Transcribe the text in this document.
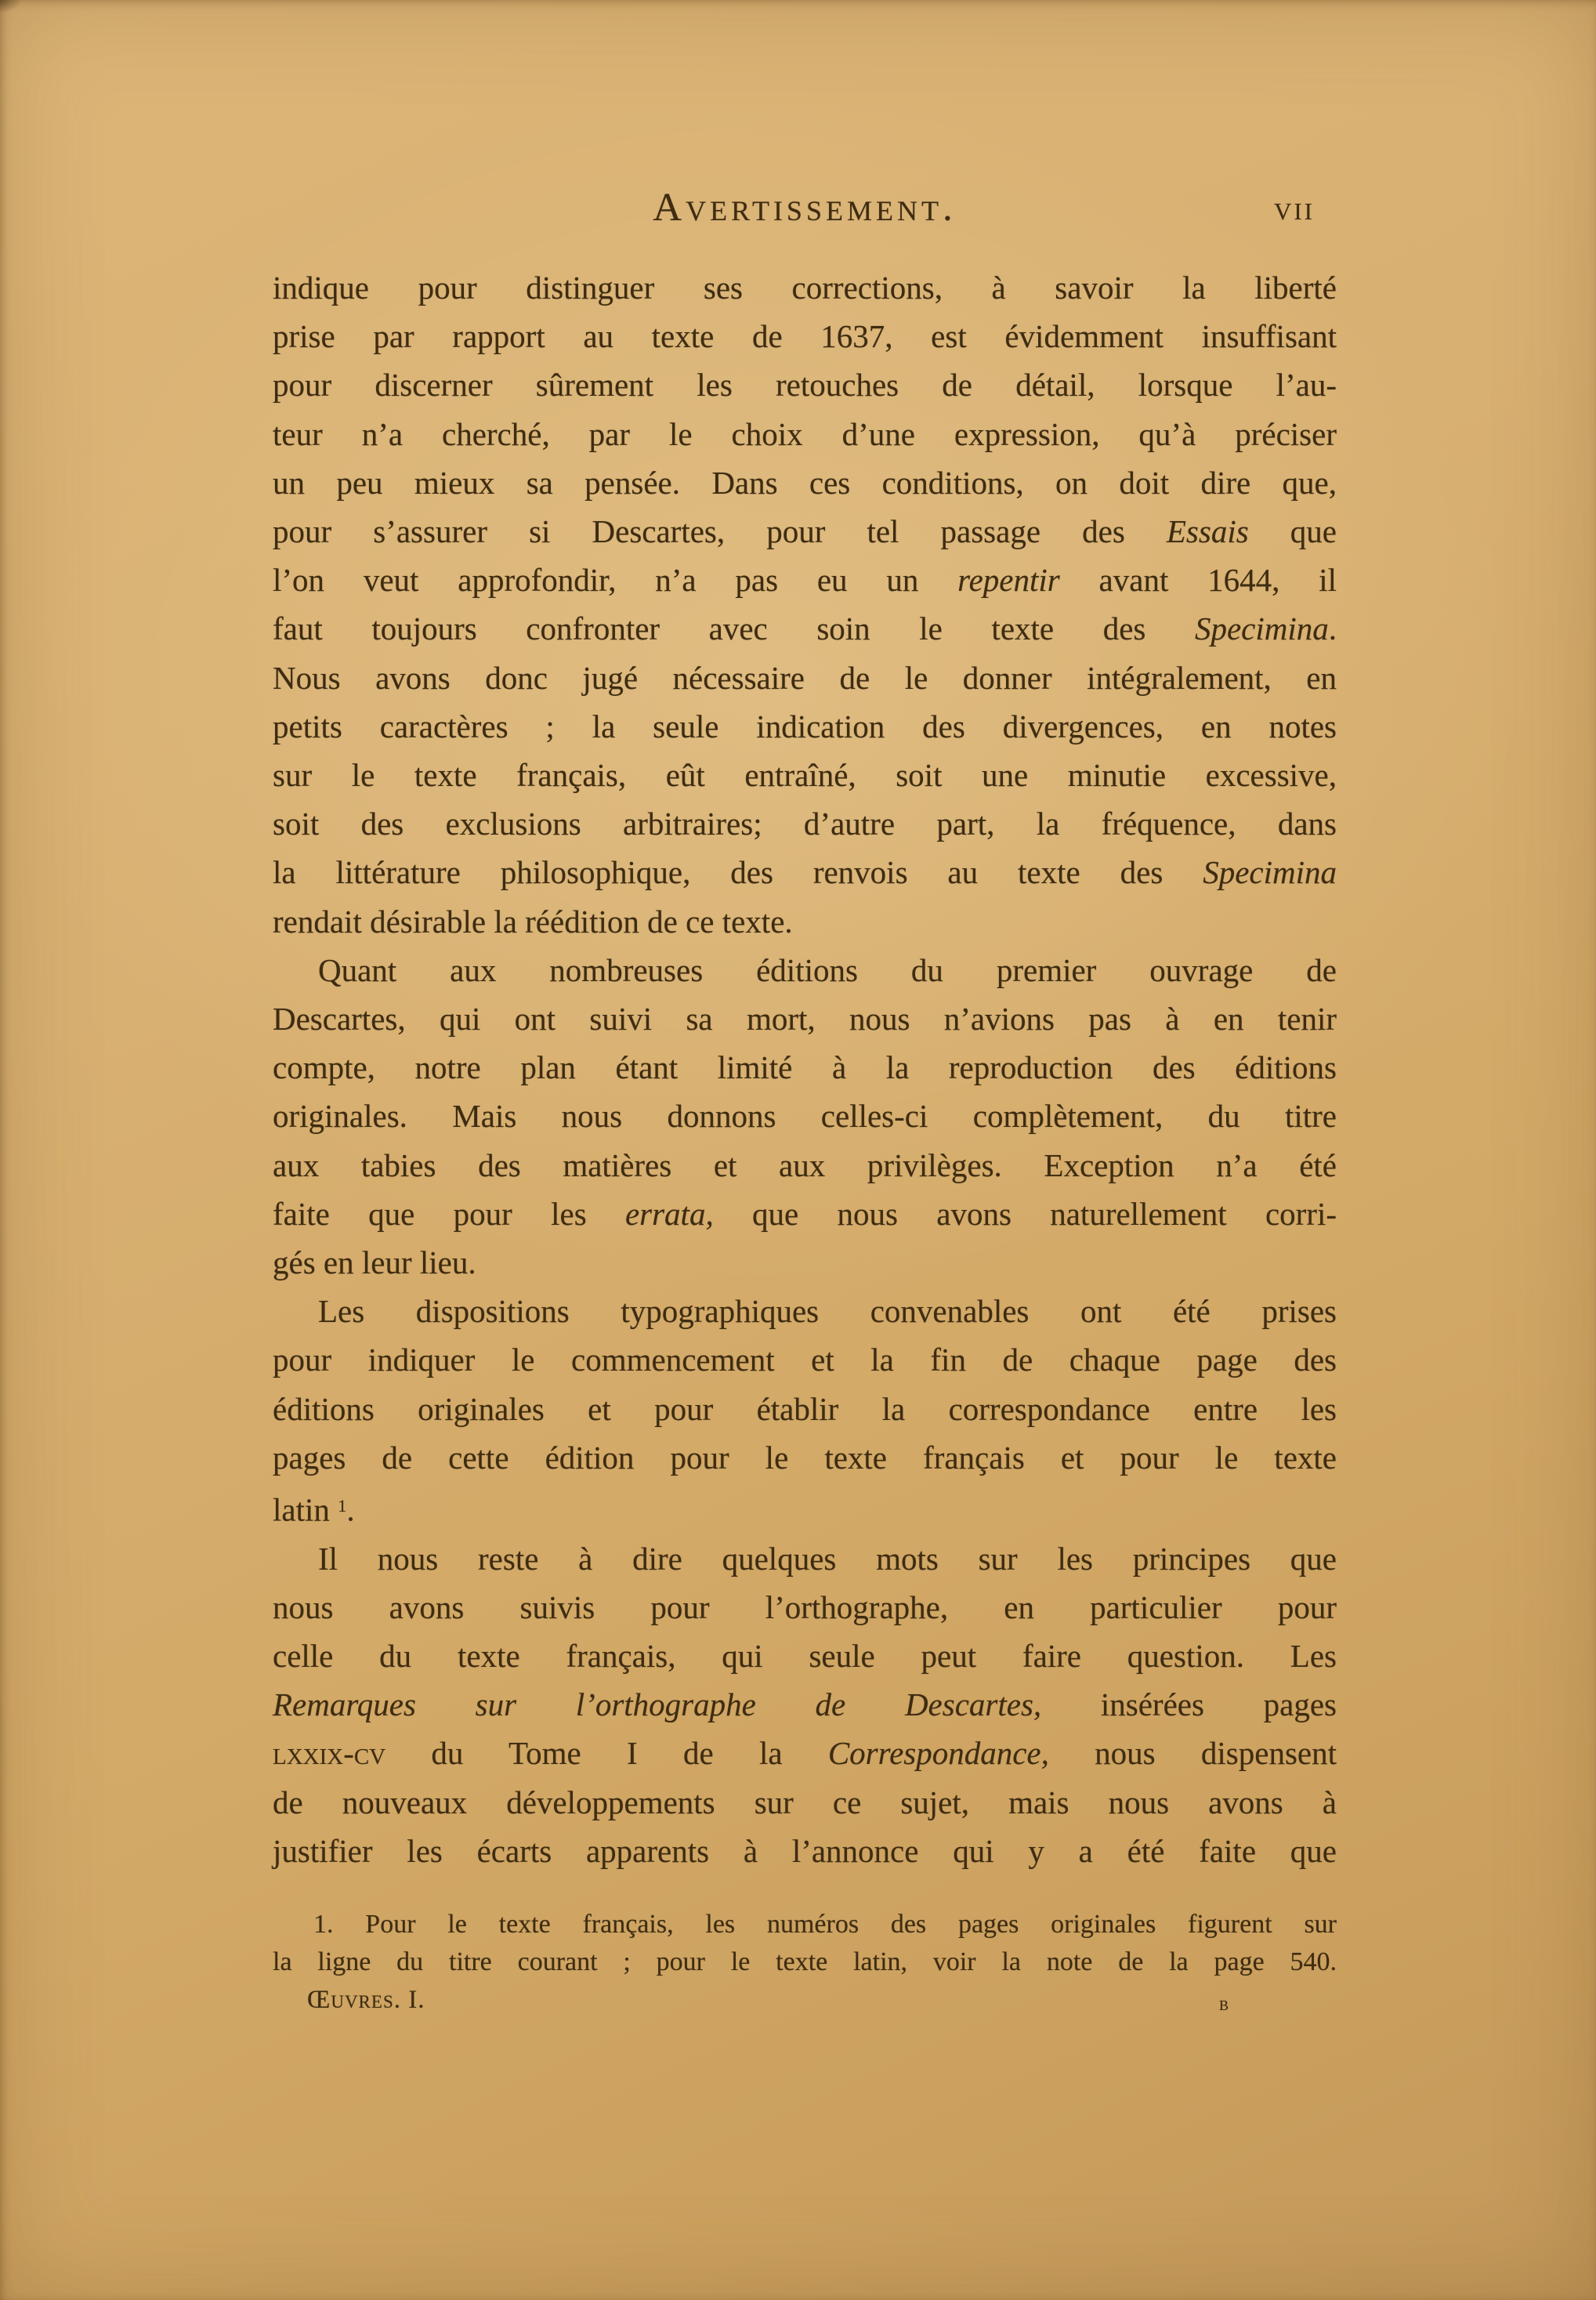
Avertissement.	VII
indique pour distinguer ses corrections, à savoir la liberté
prise par rapport au texte de 1637, est évidemment insuffisant
pour discerner sûrement les retouches de détail, lorsque l’au-
teur n’a cherché, par le choix d’une expression, qu’à préciser
un peu mieux sa pensée. Dans ces conditions, on doit dire que,
pour s’assurer si Descartes, pour tel passage des Essais que
l’on veut approfondir, n’a pas eu un repentir avant 1644, il
faut toujours confronter avec soin le texte des Specimina.
Nous avons donc jugé nécessaire de le donner intégralement, en
petits caractères ; la seule indication des divergences, en notes
sur le texte français, eût entraîné, soit une minutie excessive,
soit des exclusions arbitraires; d’autre part, la fréquence, dans
la littérature philosophique, des renvois au texte des Specimina
rendait désirable la réédition de ce texte.
Quant aux nombreuses éditions du premier ouvrage de
Descartes, qui ont suivi sa mort, nous n’avions pas à en tenir
compte, notre plan étant limité à la reproduction des éditions
originales. Mais nous donnons celles-ci complètement, du titre
aux tabies des matières et aux privilèges. Exception n’a été
faite que pour les errata, que nous avons naturellement corri-
gés en leur lieu.
Les dispositions typographiques convenables ont été prises
pour indiquer le commencement et la fin de chaque page des
éditions originales et pour établir la correspondance entre les
pages de cette édition pour le texte français et pour le texte
latin $^1$.
Il nous reste à dire quelques mots sur les principes que
nous avons suivis pour l’orthographe, en particulier pour
celle du texte français, qui seule peut faire question. Les
Remarques sur l’orthographe de Descartes, insérées pages
lxxix-cv du Tome I de la Correspondance, nous dispensent
de nouveaux développements sur ce sujet, mais nous avons à
justifier les écarts apparents à l’annonce qui y a été faite que
1. Pour le texte français, les numéros des pages originales figurent sur
la ligne du titre courant ; pour le texte latin, voir la note de la page 540.
Œuvres. I.	b
